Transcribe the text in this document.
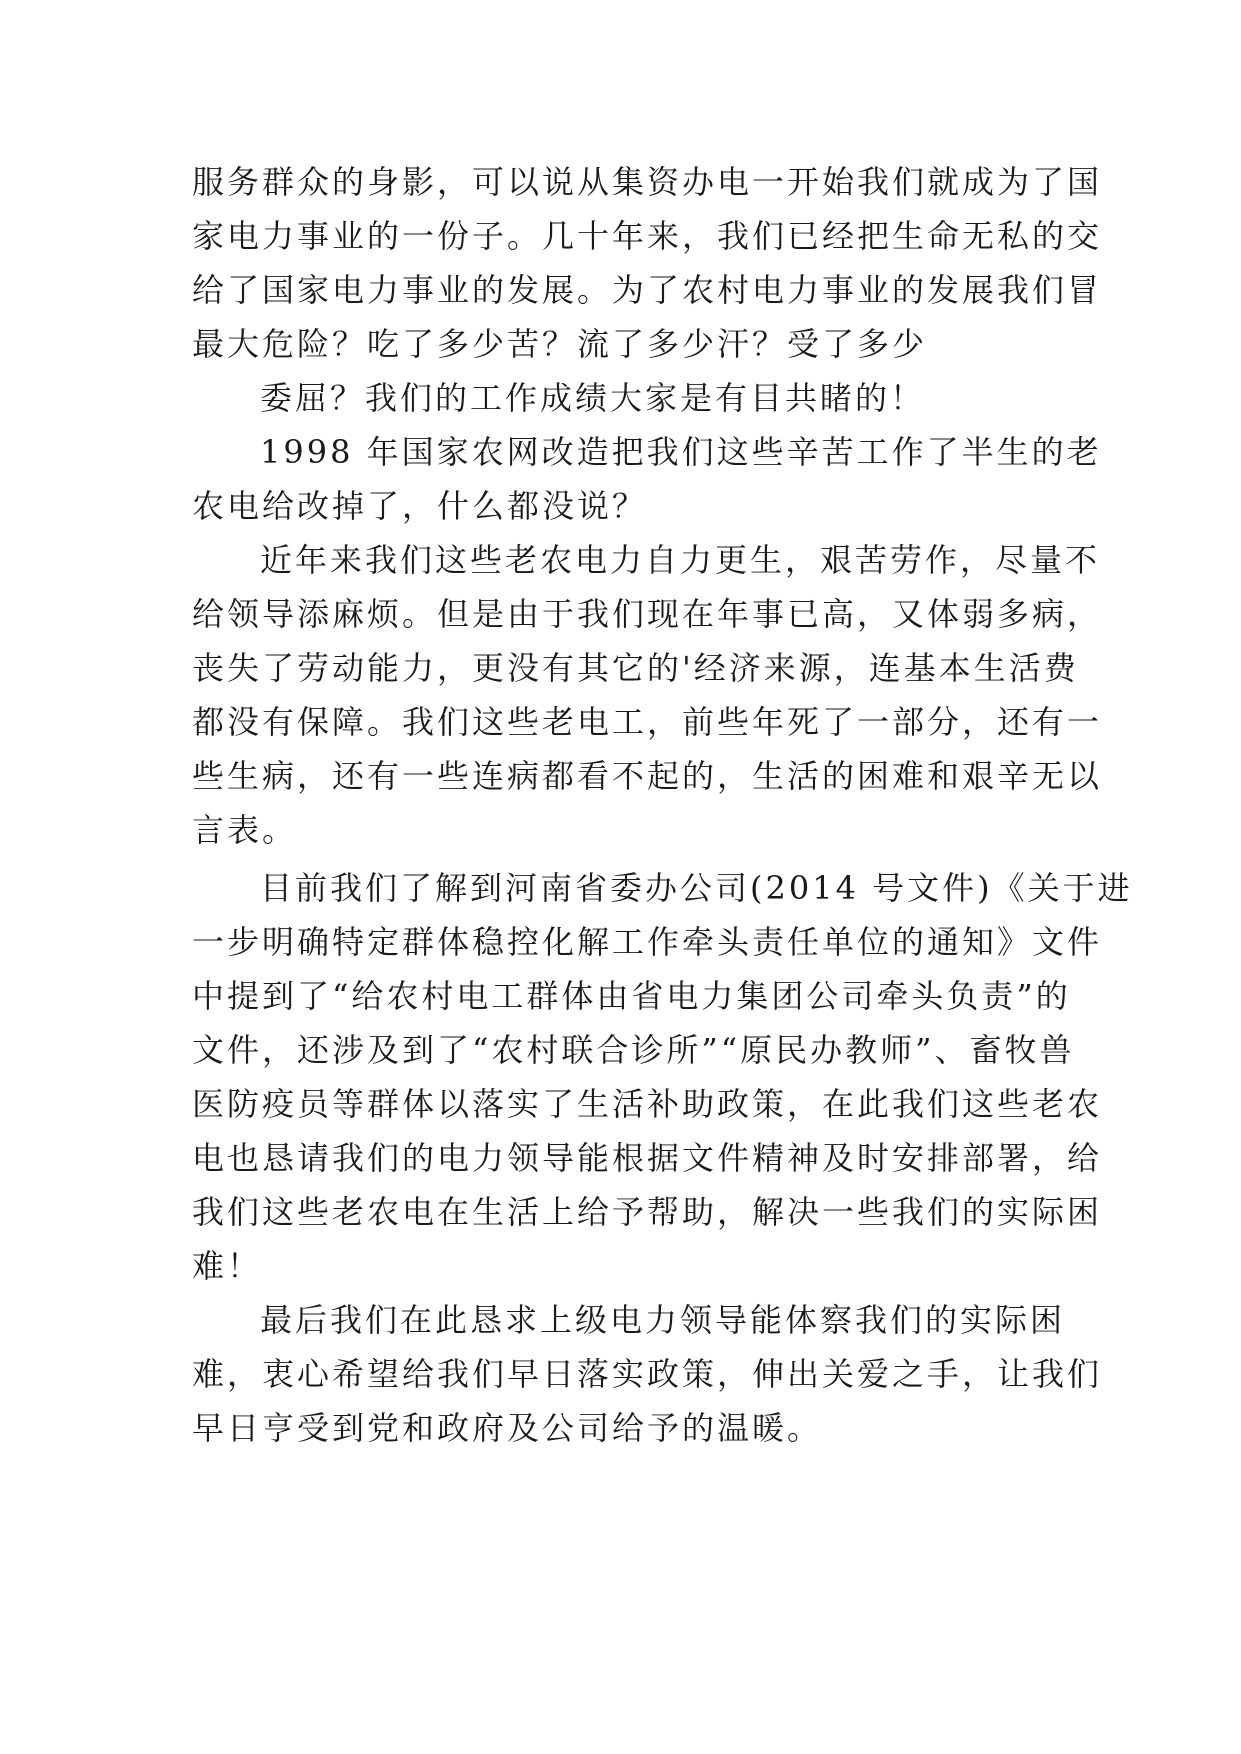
服务群众的身影，可以说从集资办电一开始我们就成为了国
家电力事业的一份子。几十年来，我们已经把生命无私的交
给了国家电力事业的发展。为了农村电力事业的发展我们冒
最大危险？吃了多少苦？流了多少汗？受了多少
委屈？我们的工作成绩大家是有目共睹的！
1998 年国家农网改造把我们这些辛苦工作了半生的老
农电给改掉了，什么都没说？
近年来我们这些老农电力自力更生，艰苦劳作，尽量不
给领导添麻烦。但是由于我们现在年事已高，又体弱多病，
丧失了劳动能力，更没有其它的'经济来源，连基本生活费
都没有保障。我们这些老电工，前些年死了一部分，还有一
些生病，还有一些连病都看不起的，生活的困难和艰辛无以
言表。
目前我们了解到河南省委办公司(2014 号文件)《关于进
一步明确特定群体稳控化解工作牵头责任单位的通知》文件
中提到了“给农村电工群体由省电力集团公司牵头负责”的
文件，还涉及到了“农村联合诊所”“原民办教师”、畜牧兽
医防疫员等群体以落实了生活补助政策，在此我们这些老农
电也恳请我们的电力领导能根据文件精神及时安排部署，给
我们这些老农电在生活上给予帮助，解决一些我们的实际困
难！
最后我们在此恳求上级电力领导能体察我们的实际困
难，衷心希望给我们早日落实政策，伸出关爱之手，让我们
早日亨受到党和政府及公司给予的温暖。
